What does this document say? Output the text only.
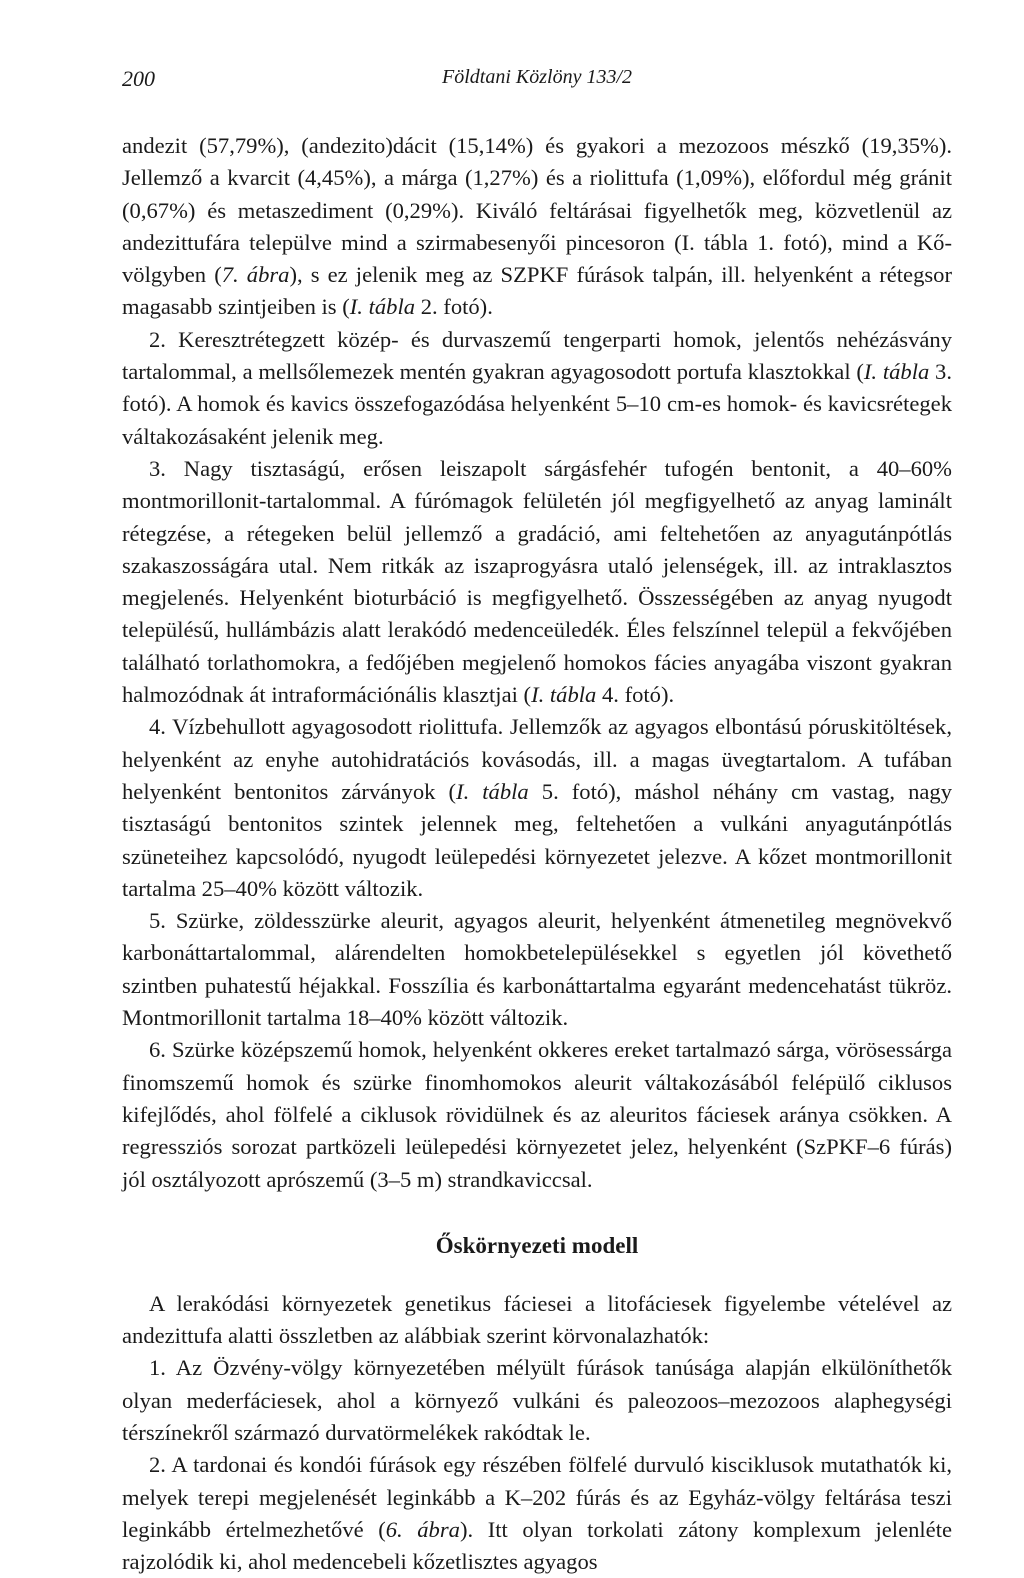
200	Földtani Közlöny 133/2

andezit (57,79%), (andezito)dácit (15,14%) és gyakori a mezozoos mészkő (19,35%). Jellemző a kvarcit (4,45%), a márga (1,27%) és a riolittufa (1,09%), előfordul még gránit (0,67%) és metaszediment (0,29%). Kiváló feltárásai figyelhetők meg, közvetlenül az andezittufára települve mind a szirmabesenyői pincesoron (I. tábla 1. fotó), mind a Kő-völgyben (7. ábra), s ez jelenik meg az SZPKF fúrások talpán, ill. helyenként a rétegsor magasabb szintjeiben is (I. tábla 2. fotó).

2. Keresztrétegzett közép- és durvaszemű tengerparti homok, jelentős nehézásvány tartalommal, a mellsőlemezek mentén gyakran agyagosodott portufa klasztokkal (I. tábla 3. fotó). A homok és kavics összefogazódása helyenként 5–10 cm-es homok- és kavicsrétegek váltakozásaként jelenik meg.

3. Nagy tisztaságú, erősen leiszapolt sárgásfehér tufogén bentonit, a 40–60% montmorillonit-tartalommal. A fúrómagok felületén jól megfigyelhető az anyag laminált rétegzése, a rétegeken belül jellemző a gradáció, ami feltehetően az anyagutánpótlás szakaszosságára utal. Nem ritkák az iszaprogyásra utaló jelenségek, ill. az intraklasztos megjelenés. Helyenként bioturbáció is megfigyelhető. Összességében az anyag nyugodt településű, hullámbázis alatt lerakódó medenceüledék. Éles felszínnel települ a fekvőjében található torlathomokra, a fedőjében megjelenő homokos fácies anyagába viszont gyakran halmozódnak át intraformációnális klasztjai (I. tábla 4. fotó).

4. Vízbehullott agyagosodott riolittufa. Jellemzők az agyagos elbontású póruskitöltések, helyenként az enyhe autohidratációs kovásodás, ill. a magas üvegtartalom. A tufában helyenként bentonitos zárványok (I. tábla 5. fotó), máshol néhány cm vastag, nagy tisztaságú bentonitos szintek jelennek meg, feltehetően a vulkáni anyagutánpótlás szüneteihez kapcsolódó, nyugodt leülepedési környezetet jelezve. A kőzet montmorillonit tartalma 25–40% között változik.

5. Szürke, zöldesszürke aleurit, agyagos aleurit, helyenként átmenetileg megnövekvő karbonáttartalommal, alárendelten homokbetelepülésekkel s egyetlen jól követhető szintben puhatestű héjakkal. Fosszília és karbonáttartalma egyaránt medencehatást tükröz. Montmorillonit tartalma 18–40% között változik.

6. Szürke középszemű homok, helyenként okkeres ereket tartalmazó sárga, vörösessárga finomszemű homok és szürke finomhomokos aleurit váltakozásából felépülő ciklusos kifejlődés, ahol fölfelé a ciklusok rövidülnek és az aleuritos fáciesek aránya csökken. A regressziós sorozat partközeli leülepedési környezetet jelez, helyenként (SzPKF–6 fúrás) jól osztályozott aprószemű (3–5 m) strandkaviccsal.

Őskörnyezeti modell

A lerakódási környezetek genetikus fáciesei a litofáciesek figyelembe vételével az andezittufa alatti összletben az alábbiak szerint körvonalazhatók:

1. Az Özvény-völgy környezetében mélyült fúrások tanúsága alapján elkülöníthetők olyan mederfáciesek, ahol a környező vulkáni és paleozoos–mezozoos alaphegységi térszínekről származó durvatörmelékek rakódtak le.

2. A tardonai és kondói fúrások egy részében fölfelé durvuló kisciklusok mutathatók ki, melyek terepi megjelenését leginkább a K–202 fúrás és az Egyház-völgy feltárása teszi leginkább értelmezhetővé (6. ábra). Itt olyan torkolati zátony komplexum jelenléte rajzolódik ki, ahol medencebeli kőzetlisztes agyagos
